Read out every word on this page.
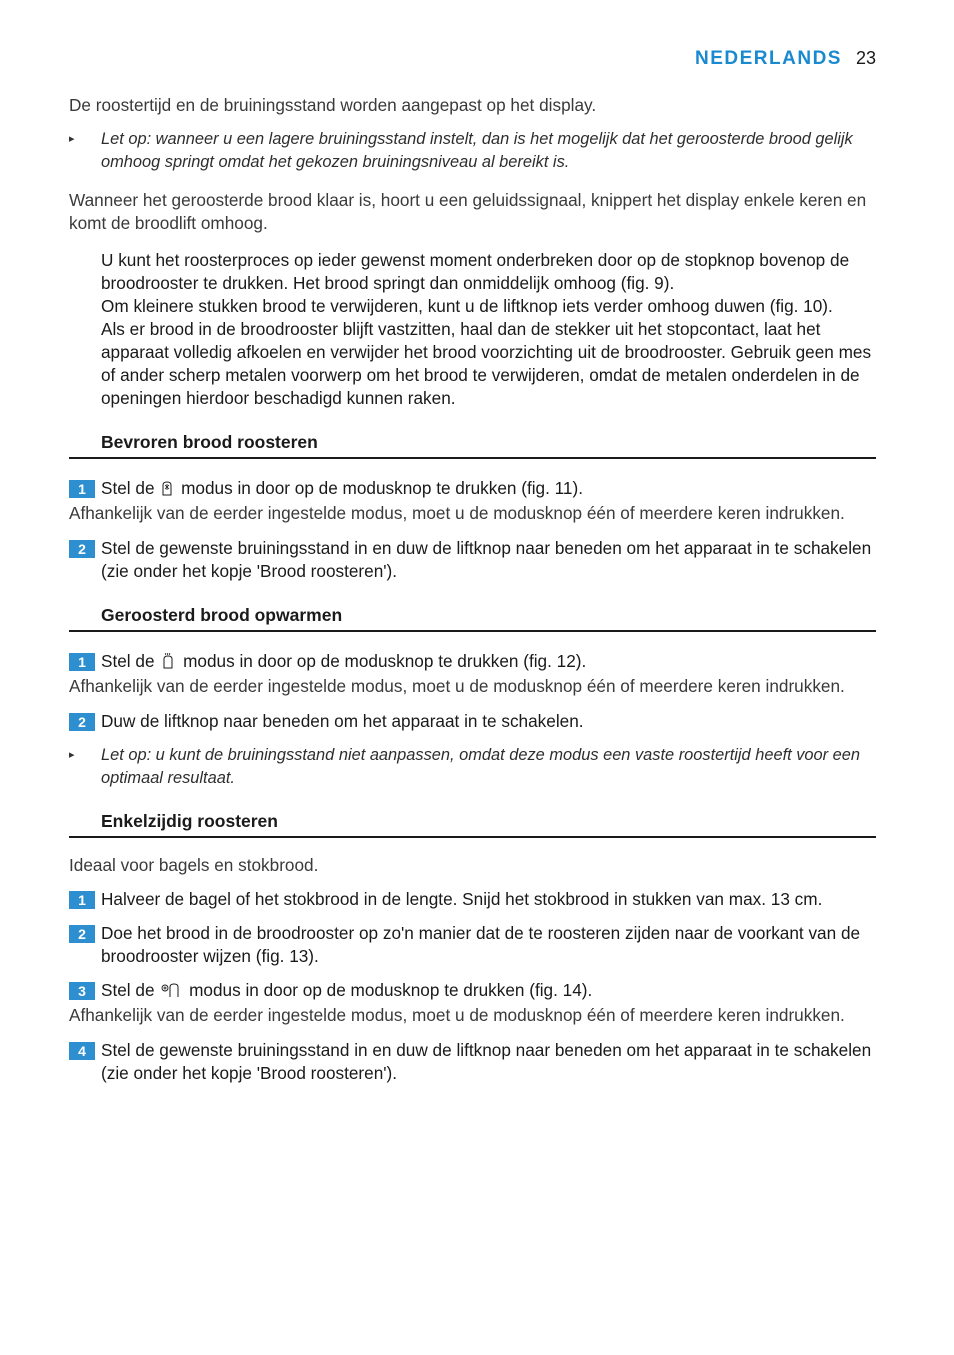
NEDERLANDS 23
De roostertijd en de bruiningsstand worden aangepast op het display.
▸ Let op: wanneer u een lagere bruiningsstand instelt, dan is het mogelijk dat het geroosterde brood gelijk omhoog springt omdat het gekozen bruiningsniveau al bereikt is.
Wanneer het geroosterde brood klaar is, hoort u een geluidssignaal, knippert het display enkele keren en komt de broodlift omhoog.
U kunt het roosterproces op ieder gewenst moment onderbreken door op de stopknop bovenop de broodrooster te drukken. Het brood springt dan onmiddelijk omhoog (fig. 9).
Om kleinere stukken brood te verwijderen, kunt u de liftknop iets verder omhoog duwen (fig. 10).
Als er brood in de broodrooster blijft vastzitten, haal dan de stekker uit het stopcontact, laat het apparaat volledig afkoelen en verwijder het brood voorzichting uit de broodrooster. Gebruik geen mes of ander scherp metalen voorwerp om het brood te verwijderen, omdat de metalen onderdelen in de openingen hierdoor beschadigd kunnen raken.
Bevroren brood roosteren
1 Stel de modus in door op de modusknop te drukken (fig. 11).
Afhankelijk van de eerder ingestelde modus, moet u de modusknop één of meerdere keren indrukken.
2 Stel de gewenste bruiningsstand in en duw de liftknop naar beneden om het apparaat in te schakelen (zie onder het kopje 'Brood roosteren').
Geroosterd brood opwarmen
1 Stel de modus in door op de modusknop te drukken (fig. 12).
Afhankelijk van de eerder ingestelde modus, moet u de modusknop één of meerdere keren indrukken.
2 Duw de liftknop naar beneden om het apparaat in te schakelen.
▸ Let op: u kunt de bruiningsstand niet aanpassen, omdat deze modus een vaste roostertijd heeft voor een optimaal resultaat.
Enkelzijdig roosteren
Ideaal voor bagels en stokbrood.
1 Halveer de bagel of het stokbrood in de lengte. Snijd het stokbrood in stukken van max. 13 cm.
2 Doe het brood in de broodrooster op zo'n manier dat de te roosteren zijden naar de voorkant van de broodrooster wijzen (fig. 13).
3 Stel de modus in door op de modusknop te drukken (fig. 14).
Afhankelijk van de eerder ingestelde modus, moet u de modusknop één of meerdere keren indrukken.
4 Stel de gewenste bruiningsstand in en duw de liftknop naar beneden om het apparaat in te schakelen (zie onder het kopje 'Brood roosteren').
